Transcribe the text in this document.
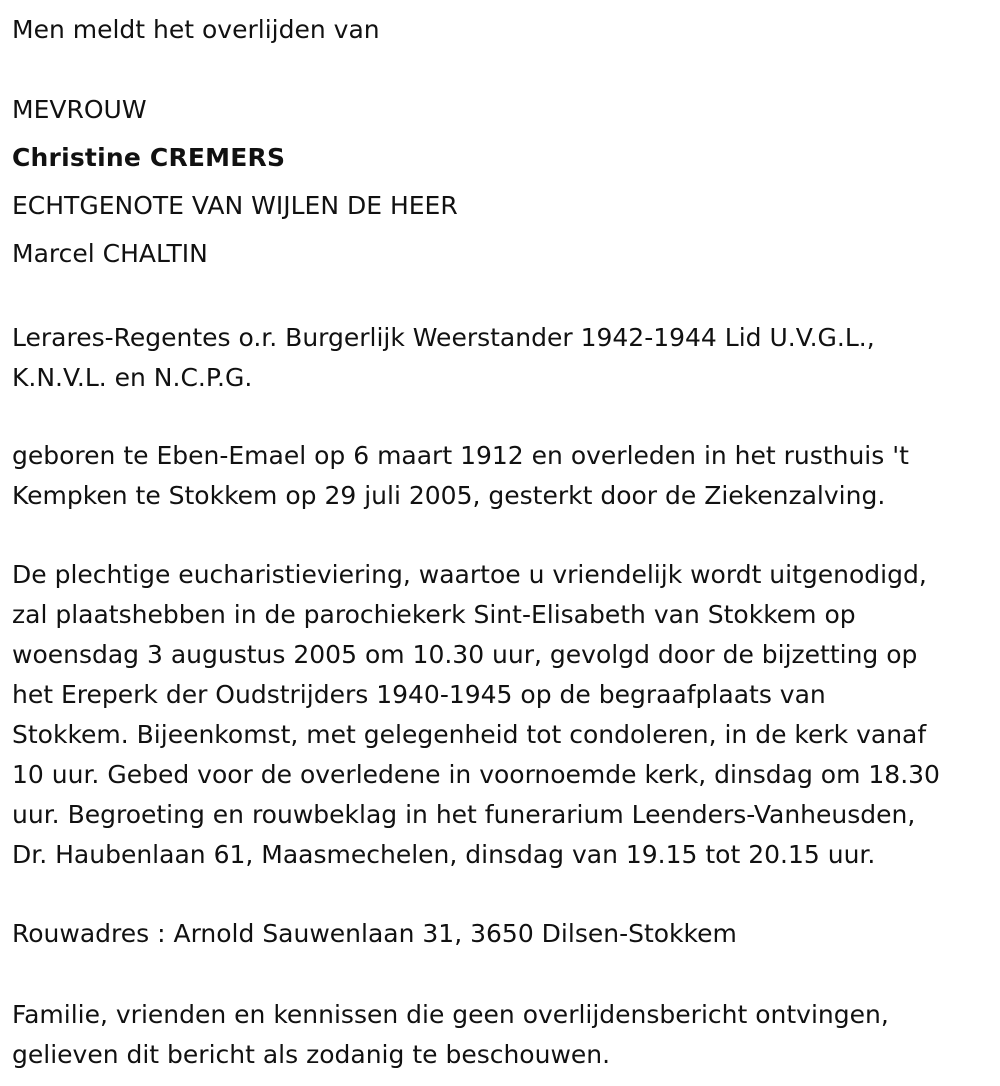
Men meldt het overlijden van
MEVROUW
Christine CREMERS
ECHTGENOTE VAN WIJLEN DE HEER
Marcel CHALTIN
Lerares-Regentes o.r. Burgerlijk Weerstander 1942-1944 Lid U.V.G.L.,
K.N.V.L. en N.C.P.G.
geboren te Eben-Emael op 6 maart 1912 en overleden in het rusthuis 't
Kempken te Stokkem op 29 juli 2005, gesterkt door de Ziekenzalving.
De plechtige eucharistieviering, waartoe u vriendelijk wordt uitgenodigd,
zal plaatshebben in de parochiekerk Sint-Elisabeth van Stokkem op
woensdag 3 augustus 2005 om 10.30 uur, gevolgd door de bijzetting op
het Ereperk der Oudstrijders 1940-1945 op de begraafplaats van
Stokkem. Bijeenkomst, met gelegenheid tot condoleren, in de kerk vanaf
10 uur. Gebed voor de overledene in voornoemde kerk, dinsdag om 18.30
uur. Begroeting en rouwbeklag in het funerarium Leenders-Vanheusden,
Dr. Haubenlaan 61, Maasmechelen, dinsdag van 19.15 tot 20.15 uur.
Rouwadres : Arnold Sauwenlaan 31, 3650 Dilsen-Stokkem
Familie, vrienden en kennissen die geen overlijdensbericht ontvingen,
gelieven dit bericht als zodanig te beschouwen.
